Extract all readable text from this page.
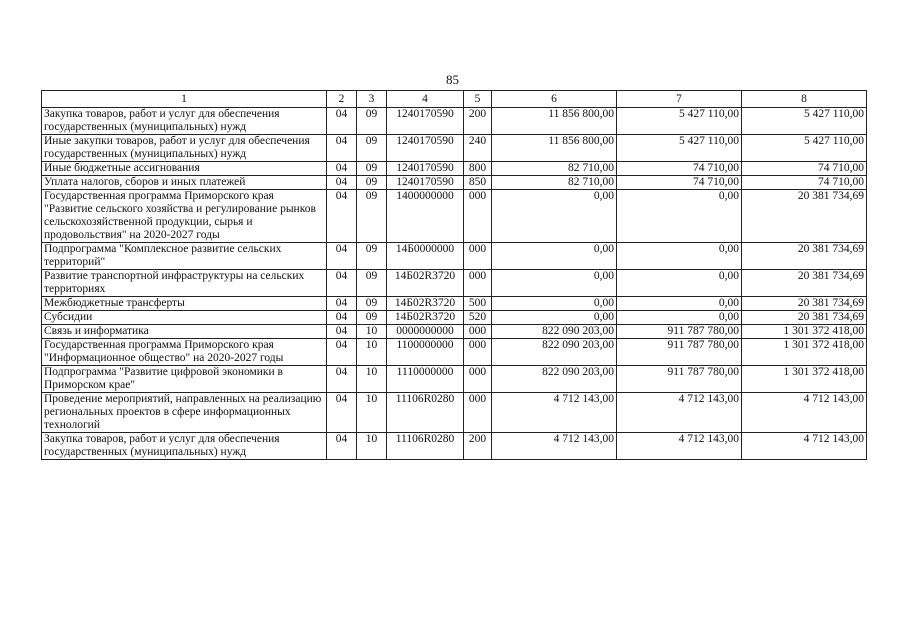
85
1	2	3	4	5	6	7	8
Закупка товаров, работ и услуг для обеспечения государственных (муниципальных) нужд	04	09	1240170590	200	11 856 800,00	5 427 110,00	5 427 110,00
Иные закупки товаров, работ и услуг для обеспечения государственных (муниципальных) нужд	04	09	1240170590	240	11 856 800,00	5 427 110,00	5 427 110,00
Иные бюджетные ассигнования	04	09	1240170590	800	82 710,00	74 710,00	74 710,00
Уплата налогов, сборов и иных платежей	04	09	1240170590	850	82 710,00	74 710,00	74 710,00
Государственная программа Приморского края "Развитие сельского хозяйства и регулирование рынков сельскохозяйственной продукции, сырья и продовольствия" на 2020-2027 годы	04	09	1400000000	000	0,00	0,00	20 381 734,69
Подпрограмма "Комплексное развитие сельских территорий"	04	09	14Б0000000	000	0,00	0,00	20 381 734,69
Развитие транспортной инфраструктуры на сельских территориях	04	09	14Б02R3720	000	0,00	0,00	20 381 734,69
Межбюджетные трансферты	04	09	14Б02R3720	500	0,00	0,00	20 381 734,69
Субсидии	04	09	14Б02R3720	520	0,00	0,00	20 381 734,69
Связь и информатика	04	10	0000000000	000	822 090 203,00	911 787 780,00	1 301 372 418,00
Государственная программа Приморского края "Информационное общество" на 2020-2027 годы	04	10	1100000000	000	822 090 203,00	911 787 780,00	1 301 372 418,00
Подпрограмма "Развитие цифровой экономики в Приморском крае"	04	10	1110000000	000	822 090 203,00	911 787 780,00	1 301 372 418,00
Проведение мероприятий, направленных на реализацию региональных проектов в сфере информационных технологий	04	10	11106R0280	000	4 712 143,00	4 712 143,00	4 712 143,00
Закупка товаров, работ и услуг для обеспечения государственных (муниципальных) нужд	04	10	11106R0280	200	4 712 143,00	4 712 143,00	4 712 143,00
